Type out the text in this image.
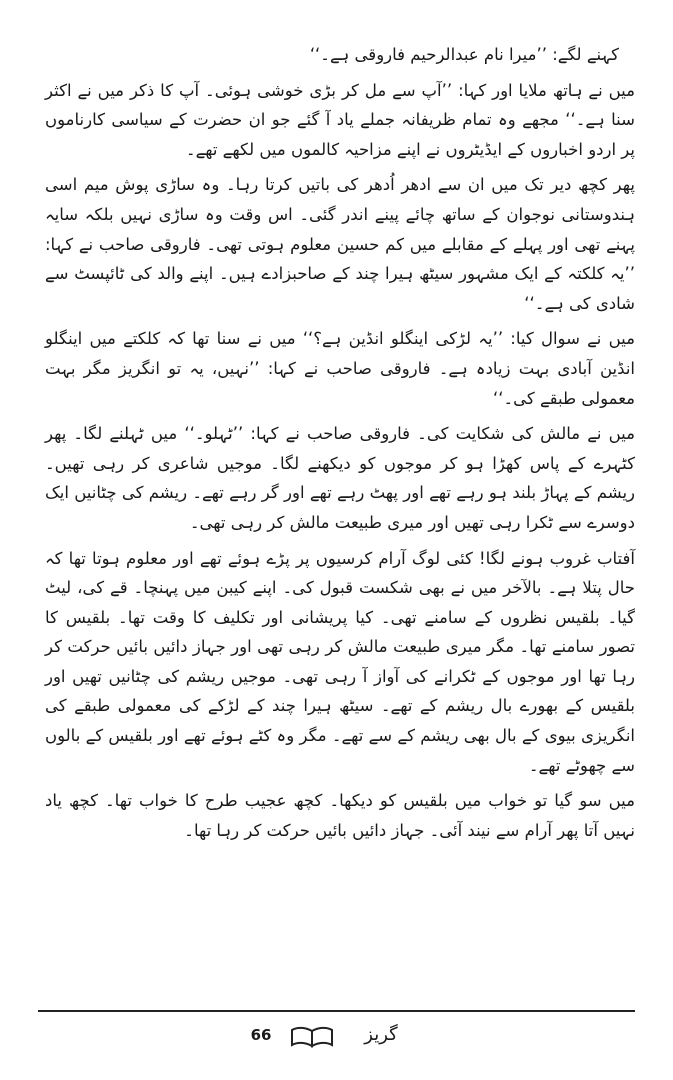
کہنے لگے: ’’میرا نام عبدالرحیم فاروقی ہے۔‘‘

میں نے ہاتھ ملایا اور کہا: ’’آپ سے مل کر بڑی خوشی ہوئی۔ آپ کا ذکر میں نے اکثر سنا ہے۔‘‘ مجھے وہ تمام ظریفانہ جملے یاد آ گئے جو ان حضرت کے سیاسی کارناموں پر اردو اخباروں کے ایڈیٹروں نے اپنے مزاحیہ کالموں میں لکھے تھے۔

پھر کچھ دیر تک میں ان سے ادھر اُدھر کی باتیں کرتا رہا۔ وہ ساڑی پوش میم اسی ہندوستانی نوجوان کے ساتھ چائے پینے اندر گئی۔ اس وقت وہ ساڑی نہیں بلکہ سایہ پہنے تھی اور پہلے کے مقابلے میں کم حسین معلوم ہوتی تھی۔ فاروقی صاحب نے کہا: ’’یہ کلکتہ کے ایک مشہور سیٹھ ہیرا چند کے صاحبزادے ہیں۔ اپنے والد کی ٹائپسٹ سے شادی کی ہے۔‘‘

میں نے سوال کیا: ’’یہ لڑکی اینگلو انڈین ہے؟‘‘ میں نے سنا تھا کہ کلکتے میں اینگلو انڈین آبادی بہت زیادہ ہے۔ فاروقی صاحب نے کہا: ’’نہیں، یہ تو انگریز مگر بہت معمولی طبقے کی۔‘‘

میں نے مالش کی شکایت کی۔ فاروقی صاحب نے کہا: ’’ٹہلو۔‘‘ میں ٹہلنے لگا۔ پھر کٹہرے کے پاس کھڑا ہو کر موجوں کو دیکھنے لگا۔ موجیں شاعری کر رہی تھیں۔ ریشم کے پہاڑ بلند ہو رہے تھے اور پھٹ رہے تھے اور گر رہے تھے۔ ریشم کی چٹانیں ایک دوسرے سے ٹکرا رہی تھیں اور میری طبیعت مالش کر رہی تھی۔

آفتاب غروب ہونے لگا! کئی لوگ آرام کرسیوں پر پڑے ہوئے تھے اور معلوم ہوتا تھا کہ حال پتلا ہے۔ بالآخر میں نے بھی شکست قبول کی۔ اپنے کیبن میں پہنچا۔ قے کی، لیٹ گیا۔ بلقیس نظروں کے سامنے تھی۔ کیا پریشانی اور تکلیف کا وقت تھا۔ بلقیس کا تصور سامنے تھا۔ مگر میری طبیعت مالش کر رہی تھی اور جہاز دائیں بائیں حرکت کر رہا تھا اور موجوں کے ٹکرانے کی آواز آ رہی تھی۔ موجیں ریشم کی چٹانیں تھیں اور بلقیس کے بھورے بال ریشم کے تھے۔ سیٹھ ہیرا چند کے لڑکے کی معمولی طبقے کی انگریزی بیوی کے بال بھی ریشم کے سے تھے۔ مگر وہ کٹے ہوئے تھے اور بلقیس کے بالوں سے چھوٹے تھے۔

میں سو گیا تو خواب میں بلقیس کو دیکھا۔ کچھ عجیب طرح کا خواب تھا۔ کچھ یاد نہیں آتا پھر آرام سے نیند آئی۔ جہاز دائیں بائیں حرکت کر رہا تھا۔

66	گریز
